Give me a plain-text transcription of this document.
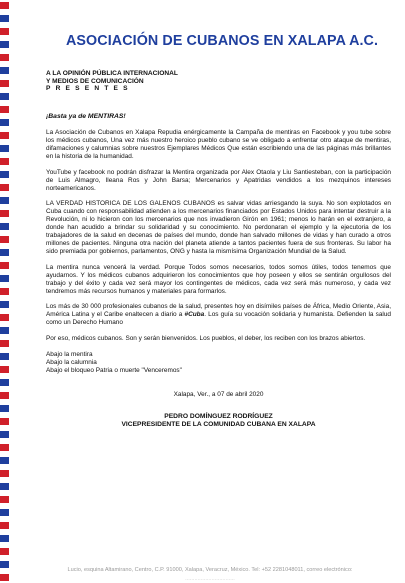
ASOCIACIÓN DE CUBANOS EN XALAPA A.C.
A LA OPINIÓN PÚBLICA INTERNACIONAL
Y MEDIOS DE COMUNICACIÓN
PRESENTES
¡Basta ya de MENTIRAS!

La Asociación de Cubanos en Xalapa Repudia enérgicamente la Campaña de mentiras en Facebook y you tube sobre los médicos cubanos, Una vez más nuestro heroico pueblo cubano se ve obligado a enfrentar otro ataque de mentiras, difamaciones y calumnias sobre nuestros Ejemplares Médicos Que están escribiendo una de las páginas más brillantes en la historia de la humanidad.

YouTube y facebook no podrán disfrazar la Mentira organizada por Alex Otaola y Liu Santiesteban, con la participación de Luis Almagro, Ileana Ros y John Barsa; Mercenarios y Apatridas vendidos a los mezquinos intereses norteamericanos.

LA VERDAD HISTORICA DE LOS GALENOS CUBANOS es salvar vidas arriesgando la suya. No son explotados en Cuba cuando con responsabilidad atienden a los mercenarios financiados por Estados Unidos para intentar destruir a la Revolución, ni lo hicieron con los mercenarios que nos invadieron Girón en 1961; menos lo harán en el extranjero, a donde han acudido a brindar su solidaridad y su conocimiento. No perdonaran el ejemplo y la ejecutoria de los trabajadores de la salud en decenas de países del mundo, donde han salvado millones de vidas y han curado a otros millones de pacientes. Ninguna otra nación del planeta atiende a tantos pacientes fuera de sus fronteras. Su labor ha sido premiada por gobiernos, parlamentos, ONG y hasta la mismísima Organización Mundial de la Salud.

La mentira nunca vencerá la verdad. Porque Todos somos necesarios, todos somos útiles, todos tenemos que ayudarnos. Y los médicos cubanos adquirieron los conocimientos que hoy poseen y ellos se sentirán orgullosos del trabajo y del éxito y cada vez será mayor los contingentes de médicos, cada vez será más numeroso, y cada vez tendremos más recursos humanos y materiales para formarlos.

Los más de 30 000 profesionales cubanos de la salud, presentes hoy en disímiles países de África, Medio Oriente, Asia, América Latina y el Caribe enaltecen a diario a #Cuba. Los guía su vocación solidaria y humanista. Defienden la salud como un Derecho Humano

Por eso, médicos cubanos. Son y serán bienvenidos. Los pueblos, el deber, los reciben con los brazos abiertos.

Abajo la mentira
Abajo la calumnia
Abajo el bloqueo Patria o muerte "Venceremos"
Xalapa, Ver., a 07 de abril 2020
PEDRO DOMÍNGUEZ RODRÍGUEZ
VICEPRESIDENTE DE LA COMUNIDAD CUBANA EN XALAPA
Lucio, esquina Altamirano, Centro, C.P. 91000, Xalapa, Veracruz, México. Tel: +52 2281048011, correo electrónico:
................................
